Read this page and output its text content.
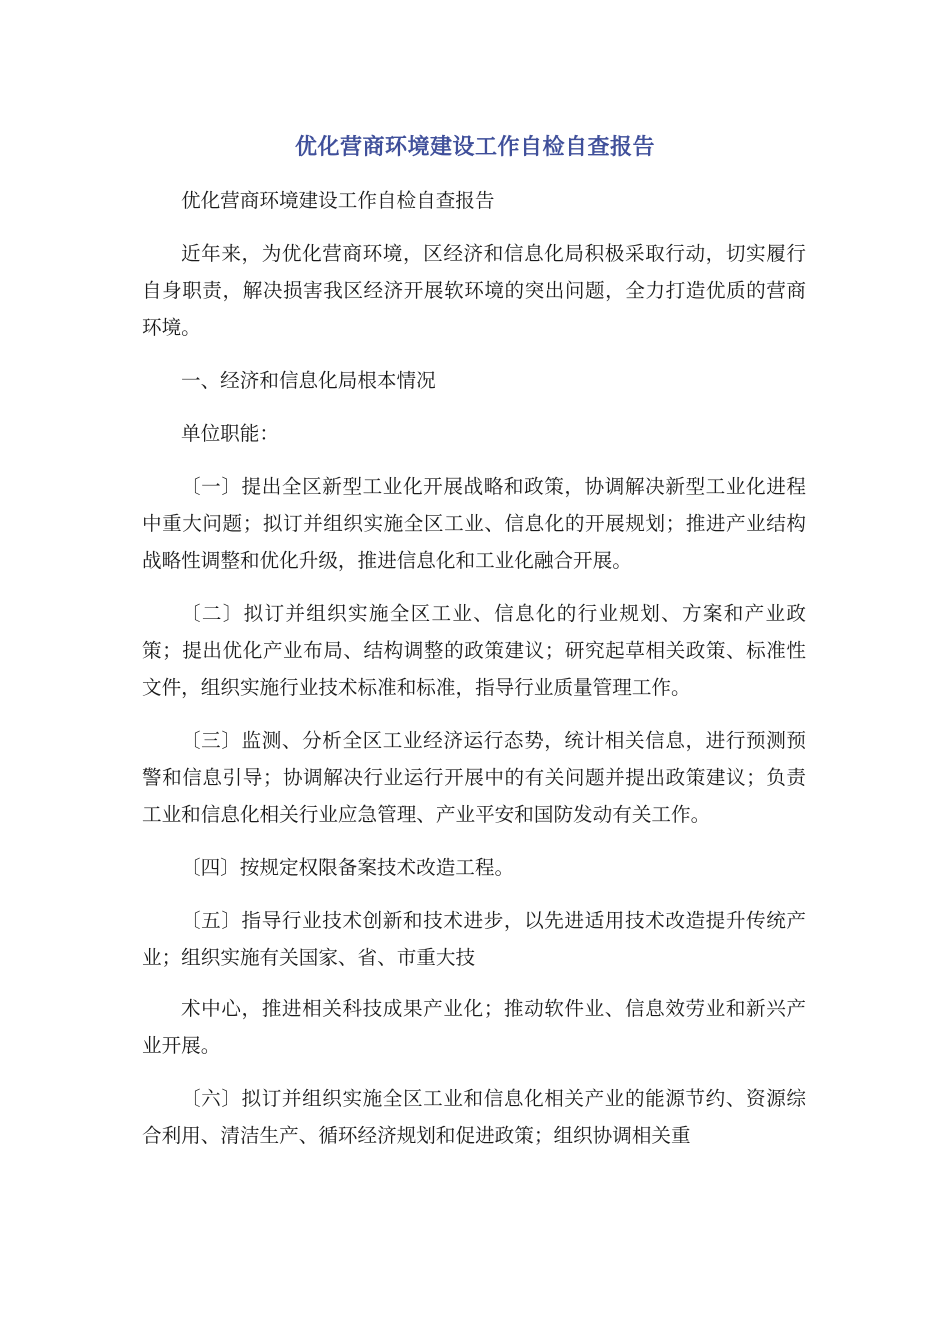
优化营商环境建设工作自检自查报告

优化营商环境建设工作自检自查报告

近年来，为优化营商环境，区经济和信息化局积极采取行动，切实履行自身职责，解决损害我区经济开展软环境的突出问题，全力打造优质的营商环境。

一、经济和信息化局根本情况

单位职能：

〔一〕提出全区新型工业化开展战略和政策，协调解决新型工业化进程中重大问题；拟订并组织实施全区工业、信息化的开展规划；推进产业结构战略性调整和优化升级，推进信息化和工业化融合开展。

〔二〕拟订并组织实施全区工业、信息化的行业规划、方案和产业政策；提出优化产业布局、结构调整的政策建议；研究起草相关政策、标准性文件，组织实施行业技术标准和标准，指导行业质量管理工作。

〔三〕监测、分析全区工业经济运行态势，统计相关信息，进行预测预警和信息引导；协调解决行业运行开展中的有关问题并提出政策建议；负责工业和信息化相关行业应急管理、产业平安和国防发动有关工作。

〔四〕按规定权限备案技术改造工程。

〔五〕指导行业技术创新和技术进步，以先进适用技术改造提升传统产业；组织实施有关国家、省、市重大技

术中心，推进相关科技成果产业化；推动软件业、信息效劳业和新兴产业开展。

〔六〕拟订并组织实施全区工业和信息化相关产业的能源节约、资源综合利用、清洁生产、循环经济规划和促进政策；组织协调相关重
